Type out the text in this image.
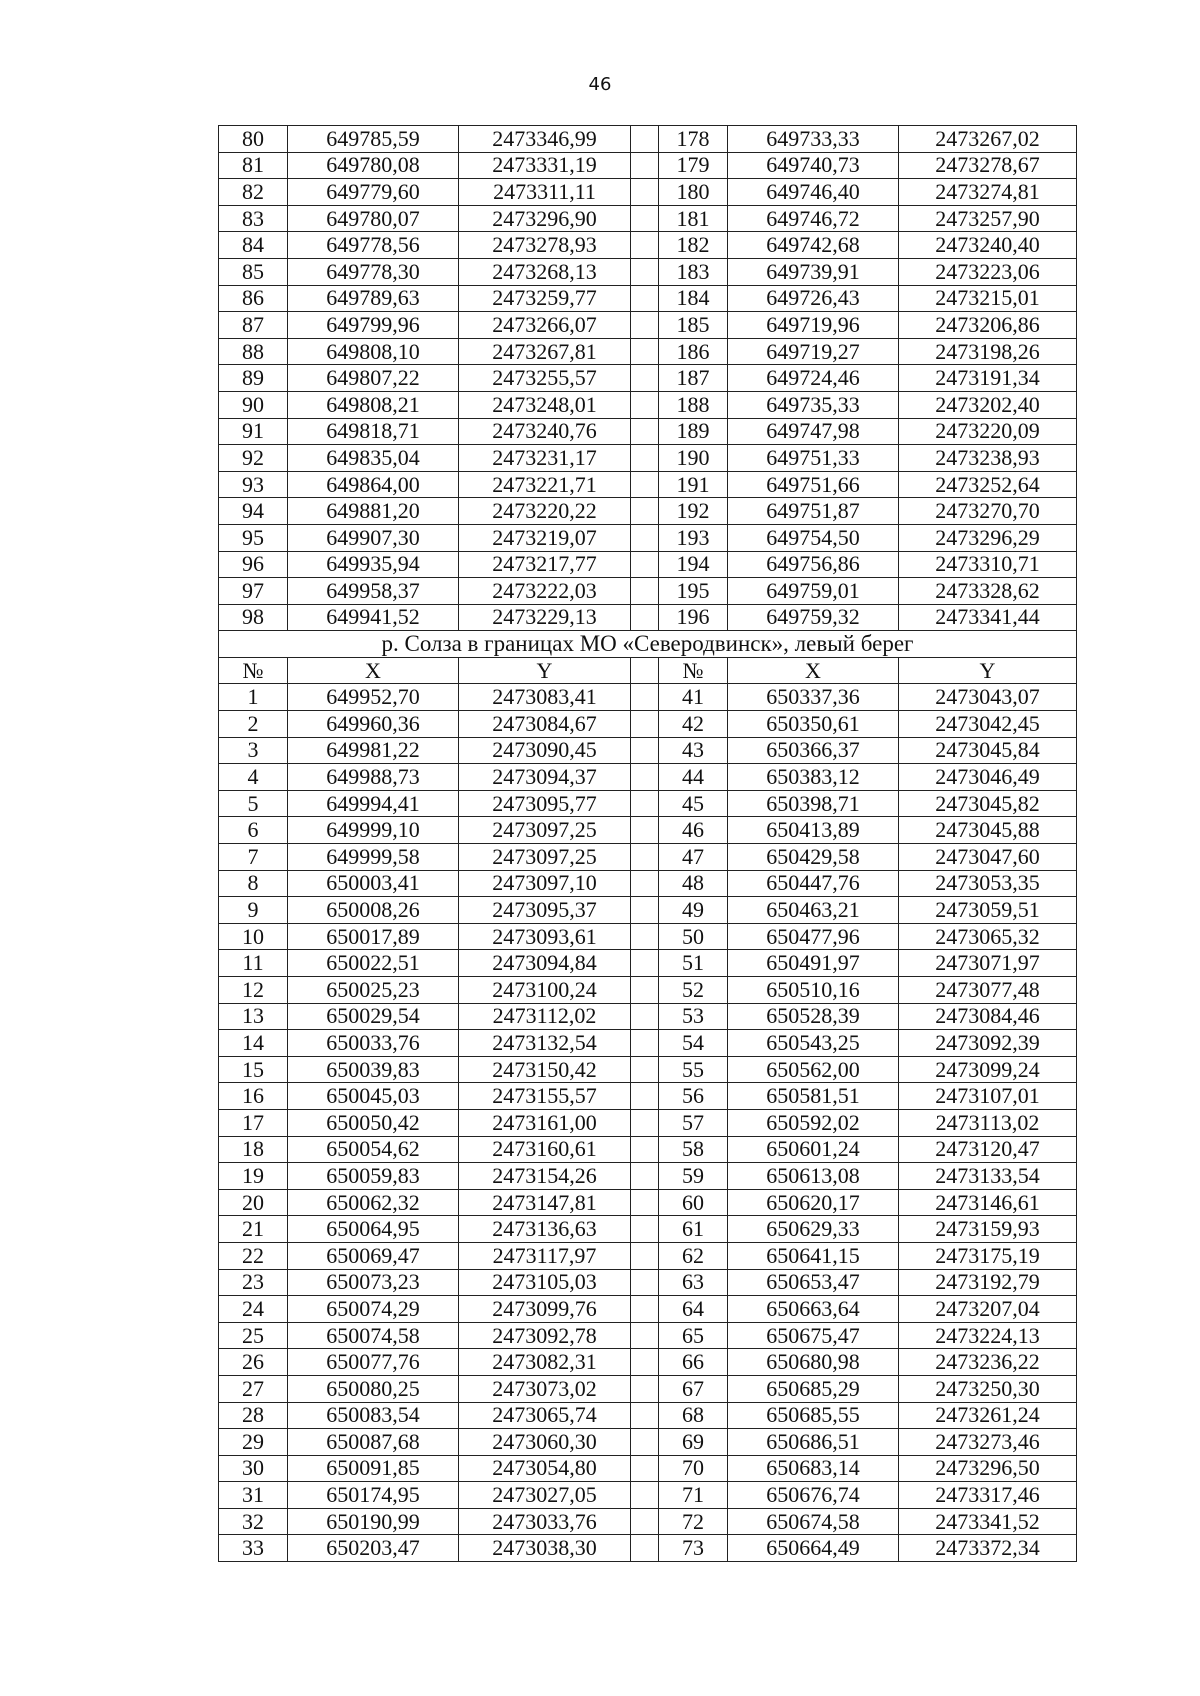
46
80	649785,59	2473346,99		178	649733,33	2473267,02
81	649780,08	2473331,19		179	649740,73	2473278,67
82	649779,60	2473311,11		180	649746,40	2473274,81
83	649780,07	2473296,90		181	649746,72	2473257,90
84	649778,56	2473278,93		182	649742,68	2473240,40
85	649778,30	2473268,13		183	649739,91	2473223,06
86	649789,63	2473259,77		184	649726,43	2473215,01
87	649799,96	2473266,07		185	649719,96	2473206,86
88	649808,10	2473267,81		186	649719,27	2473198,26
89	649807,22	2473255,57		187	649724,46	2473191,34
90	649808,21	2473248,01		188	649735,33	2473202,40
91	649818,71	2473240,76		189	649747,98	2473220,09
92	649835,04	2473231,17		190	649751,33	2473238,93
93	649864,00	2473221,71		191	649751,66	2473252,64
94	649881,20	2473220,22		192	649751,87	2473270,70
95	649907,30	2473219,07		193	649754,50	2473296,29
96	649935,94	2473217,77		194	649756,86	2473310,71
97	649958,37	2473222,03		195	649759,01	2473328,62
98	649941,52	2473229,13		196	649759,32	2473341,44
р. Солза в границах МО «Северодвинск», левый берег						
№	X	Y		№	X	Y
1	649952,70	2473083,41		41	650337,36	2473043,07
2	649960,36	2473084,67		42	650350,61	2473042,45
3	649981,22	2473090,45		43	650366,37	2473045,84
4	649988,73	2473094,37		44	650383,12	2473046,49
5	649994,41	2473095,77		45	650398,71	2473045,82
6	649999,10	2473097,25		46	650413,89	2473045,88
7	649999,58	2473097,25		47	650429,58	2473047,60
8	650003,41	2473097,10		48	650447,76	2473053,35
9	650008,26	2473095,37		49	650463,21	2473059,51
10	650017,89	2473093,61		50	650477,96	2473065,32
11	650022,51	2473094,84		51	650491,97	2473071,97
12	650025,23	2473100,24		52	650510,16	2473077,48
13	650029,54	2473112,02		53	650528,39	2473084,46
14	650033,76	2473132,54		54	650543,25	2473092,39
15	650039,83	2473150,42		55	650562,00	2473099,24
16	650045,03	2473155,57		56	650581,51	2473107,01
17	650050,42	2473161,00		57	650592,02	2473113,02
18	650054,62	2473160,61		58	650601,24	2473120,47
19	650059,83	2473154,26		59	650613,08	2473133,54
20	650062,32	2473147,81		60	650620,17	2473146,61
21	650064,95	2473136,63		61	650629,33	2473159,93
22	650069,47	2473117,97		62	650641,15	2473175,19
23	650073,23	2473105,03		63	650653,47	2473192,79
24	650074,29	2473099,76		64	650663,64	2473207,04
25	650074,58	2473092,78		65	650675,47	2473224,13
26	650077,76	2473082,31		66	650680,98	2473236,22
27	650080,25	2473073,02		67	650685,29	2473250,30
28	650083,54	2473065,74		68	650685,55	2473261,24
29	650087,68	2473060,30		69	650686,51	2473273,46
30	650091,85	2473054,80		70	650683,14	2473296,50
31	650174,95	2473027,05		71	650676,74	2473317,46
32	650190,99	2473033,76		72	650674,58	2473341,52
33	650203,47	2473038,30		73	650664,49	2473372,34
